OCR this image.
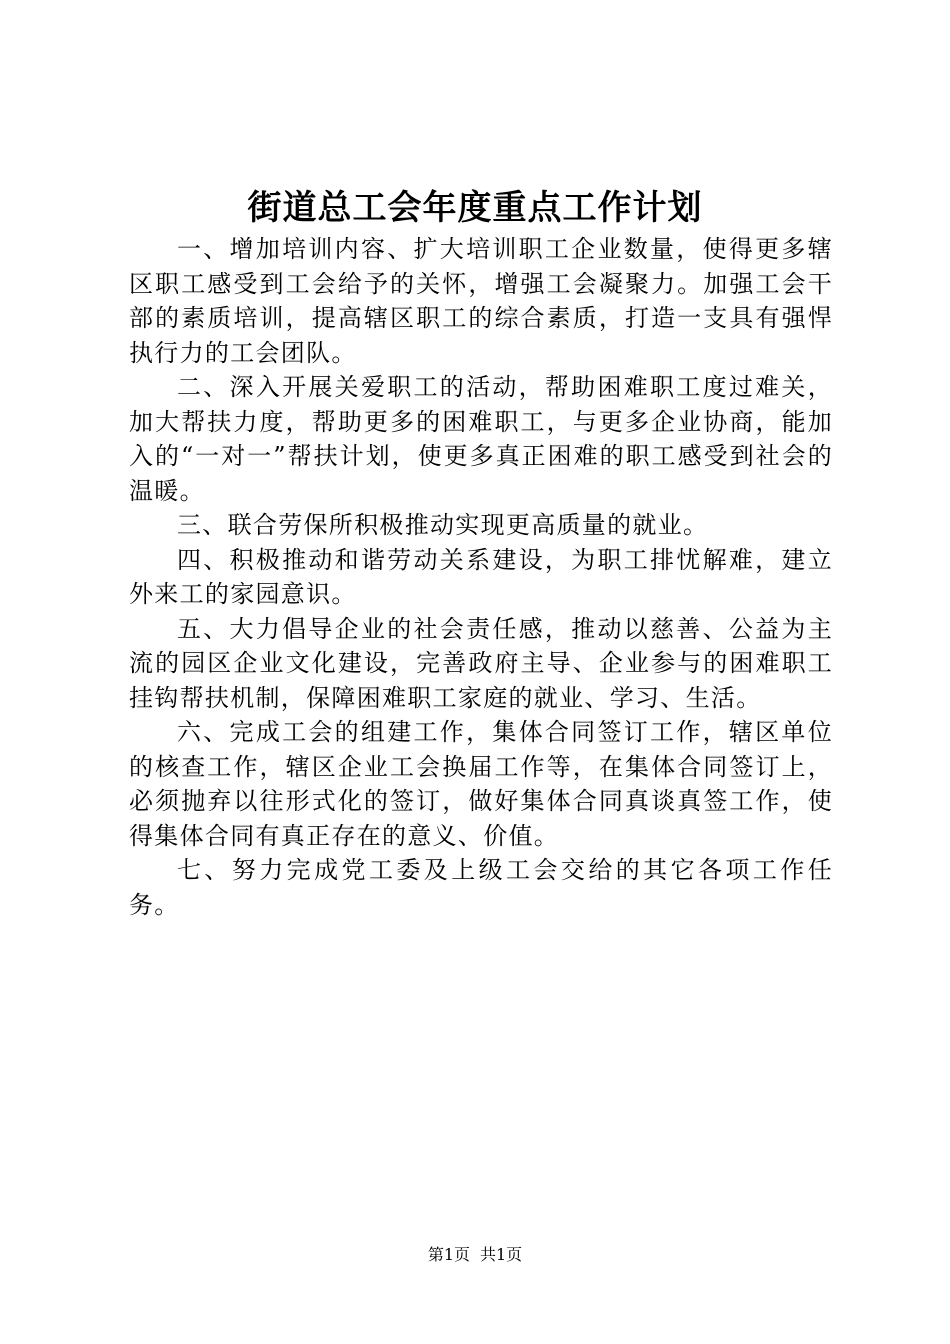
街道总工会年度重点工作计划

一、增加培训内容、扩大培训职工企业数量，使得更多辖区职工感受到工会给予的关怀，增强工会凝聚力。加强工会干部的素质培训，提高辖区职工的综合素质，打造一支具有强悍执行力的工会团队。

二、深入开展关爱职工的活动，帮助困难职工度过难关，加大帮扶力度，帮助更多的困难职工，与更多企业协商，能加入的“一对一”帮扶计划，使更多真正困难的职工感受到社会的温暖。

三、联合劳保所积极推动实现更高质量的就业。

四、积极推动和谐劳动关系建设，为职工排忧解难，建立外来工的家园意识。

五、大力倡导企业的社会责任感，推动以慈善、公益为主流的园区企业文化建设，完善政府主导、企业参与的困难职工挂钩帮扶机制，保障困难职工家庭的就业、学习、生活。

六、完成工会的组建工作，集体合同签订工作，辖区单位的核查工作，辖区企业工会换届工作等，在集体合同签订上，必须抛弃以往形式化的签订，做好集体合同真谈真签工作，使得集体合同有真正存在的意义、价值。

七、努力完成党工委及上级工会交给的其它各项工作任务。

第1页 共1页
